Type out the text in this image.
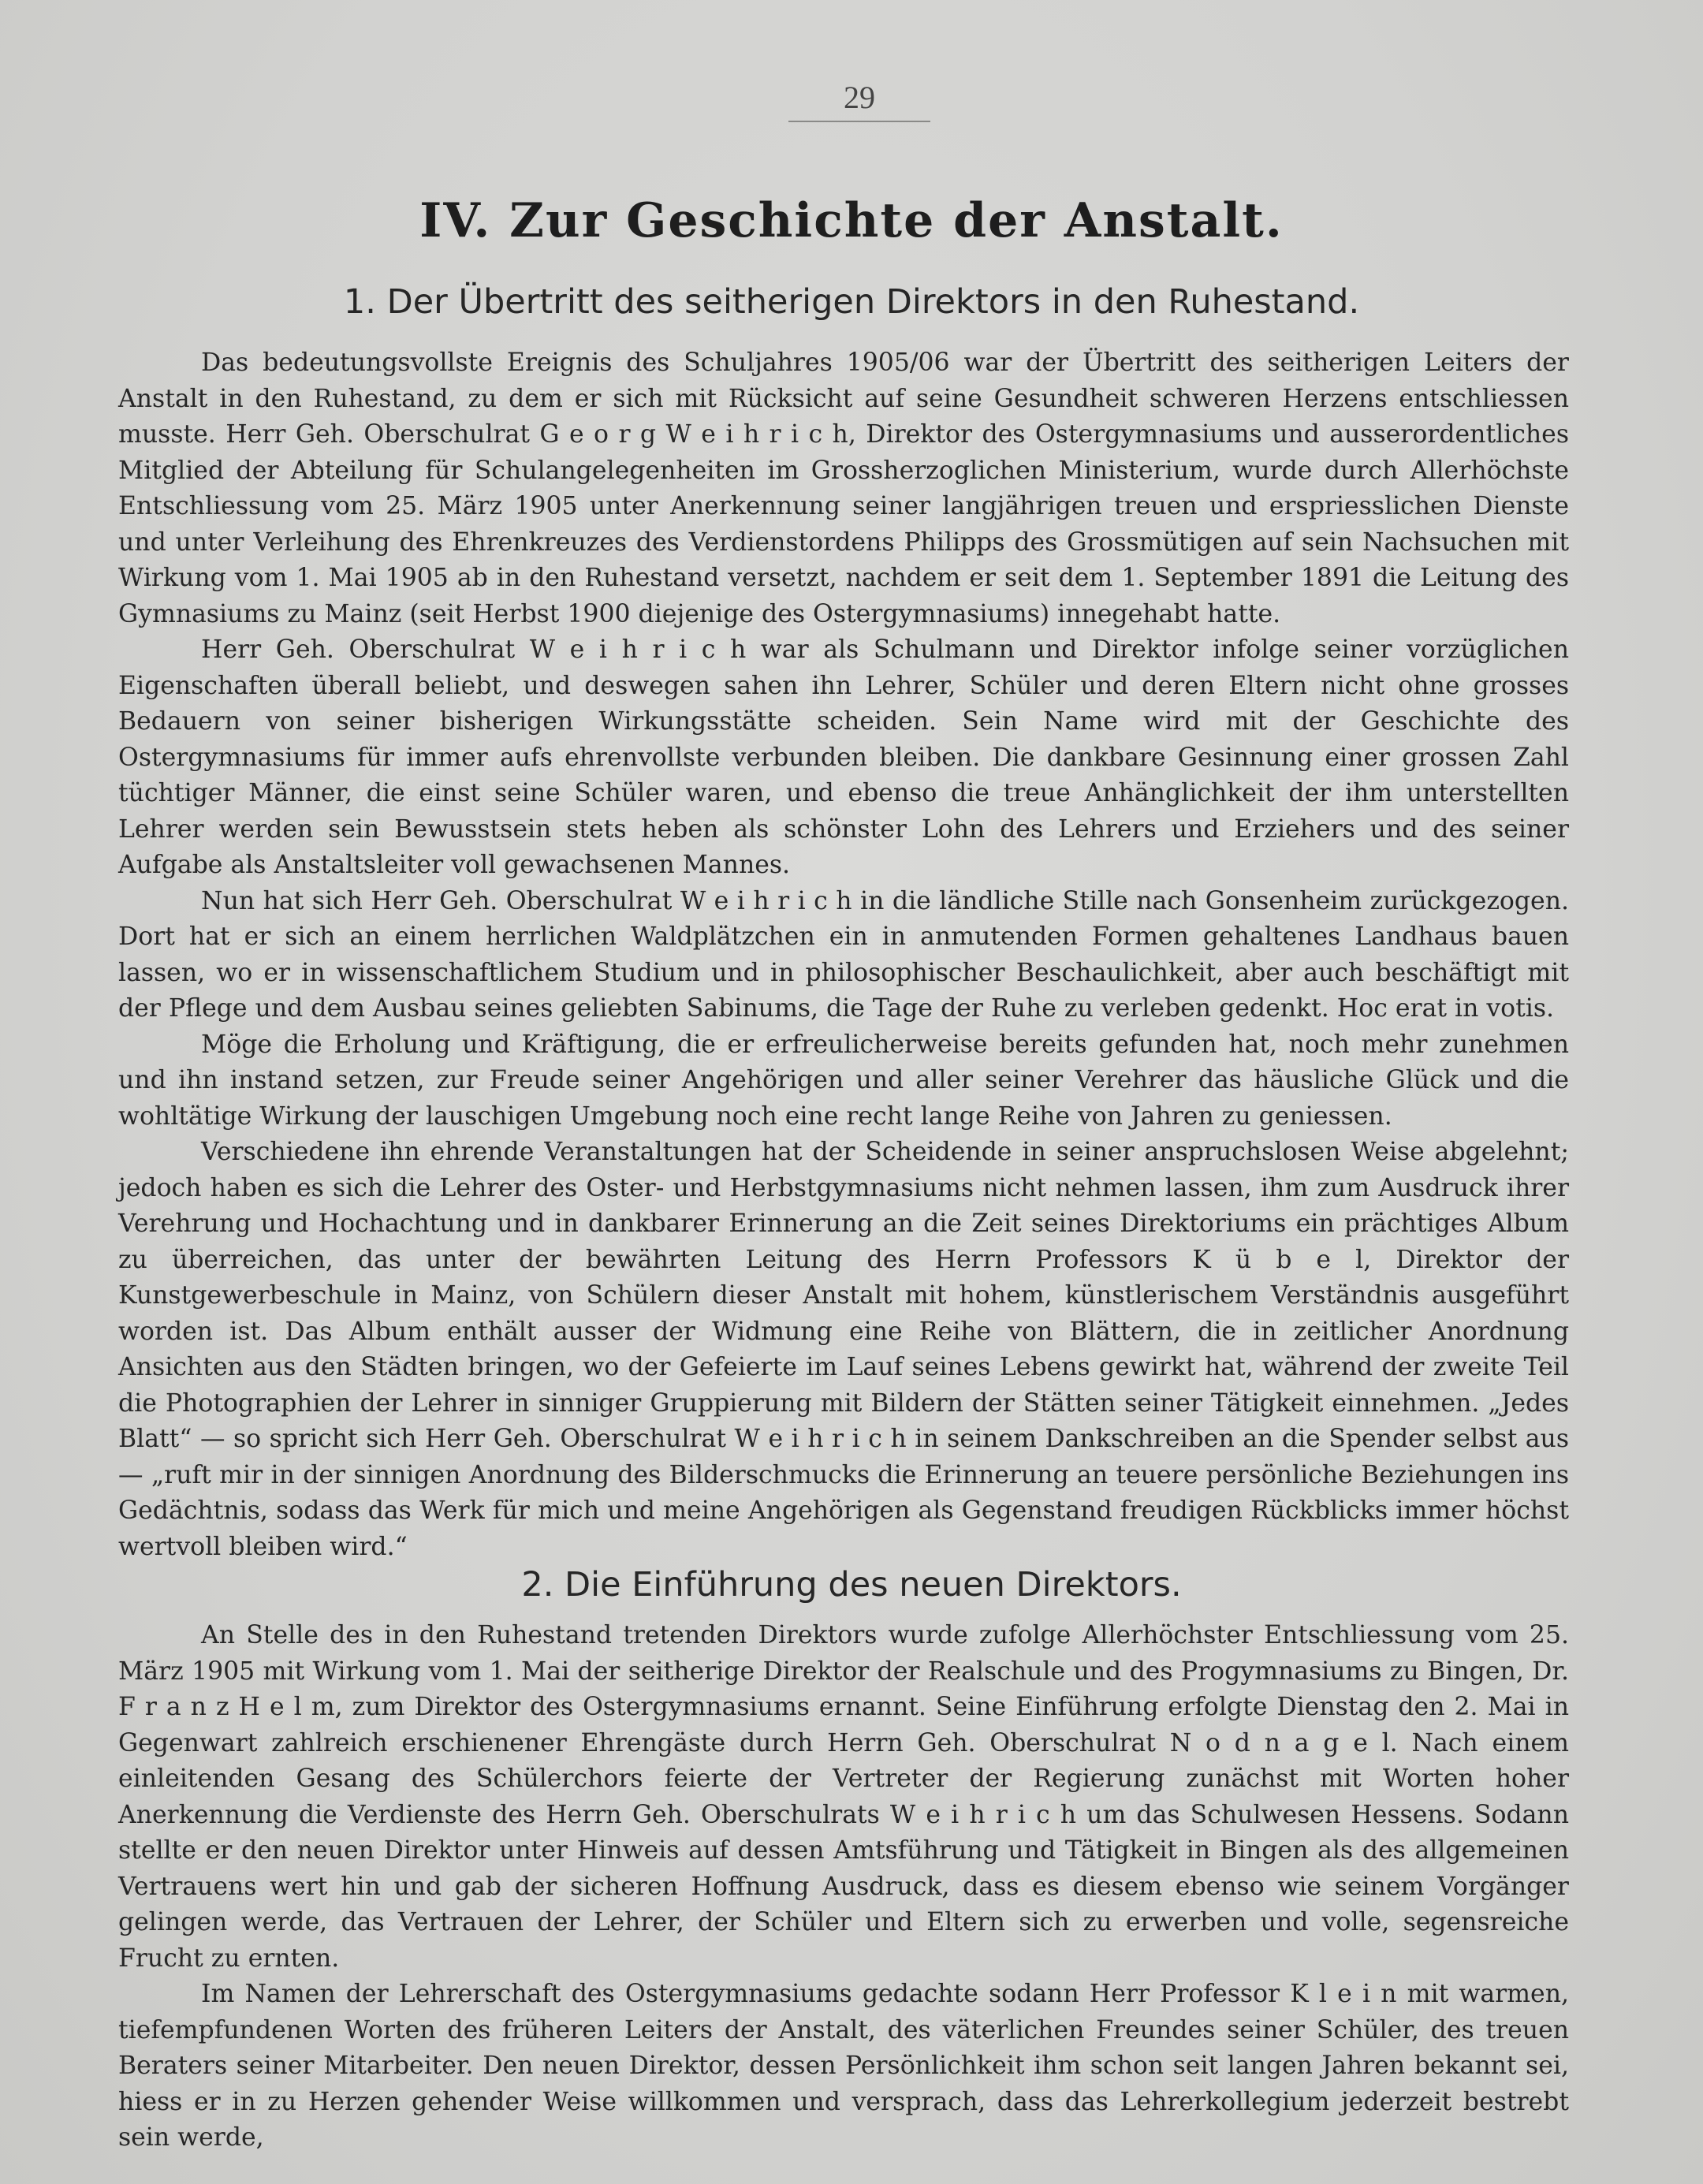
29
IV. Zur Geschichte der Anstalt.
1. Der Übertritt des seitherigen Direktors in den Ruhestand.

Das bedeutungsvollste Ereignis des Schuljahres 1905/06 war der Übertritt des seitherigen Leiters der Anstalt in den Ruhestand, zu dem er sich mit Rücksicht auf seine Gesundheit schweren Herzens entschliessen musste. Herr Geh. Oberschulrat G e o r g W e i h r i c h, Direktor des Ostergymnasiums und ausserordentliches Mitglied der Abteilung für Schulangelegenheiten im Grossherzoglichen Ministerium, wurde durch Allerhöchste Entschliessung vom 25. März 1905 unter Anerkennung seiner langjährigen treuen und erspriesslichen Dienste und unter Verleihung des Ehrenkreuzes des Verdienstordens Philipps des Grossmütigen auf sein Nachsuchen mit Wirkung vom 1. Mai 1905 ab in den Ruhestand versetzt, nachdem er seit dem 1. September 1891 die Leitung des Gymnasiums zu Mainz (seit Herbst 1900 diejenige des Ostergymnasiums) innegehabt hatte.

Herr Geh. Oberschulrat W e i h r i c h war als Schulmann und Direktor infolge seiner vorzüglichen Eigenschaften überall beliebt, und deswegen sahen ihn Lehrer, Schüler und deren Eltern nicht ohne grosses Bedauern von seiner bisherigen Wirkungsstätte scheiden. Sein Name wird mit der Geschichte des Ostergymnasiums für immer aufs ehrenvollste verbunden bleiben. Die dankbare Gesinnung einer grossen Zahl tüchtiger Männer, die einst seine Schüler waren, und ebenso die treue Anhänglichkeit der ihm unterstellten Lehrer werden sein Bewusstsein stets heben als schönster Lohn des Lehrers und Erziehers und des seiner Aufgabe als Anstaltsleiter voll gewachsenen Mannes.

Nun hat sich Herr Geh. Oberschulrat W e i h r i c h in die ländliche Stille nach Gonsenheim zurückgezogen. Dort hat er sich an einem herrlichen Waldplätzchen ein in anmutenden Formen gehaltenes Landhaus bauen lassen, wo er in wissenschaftlichem Studium und in philosophischer Beschaulichkeit, aber auch beschäftigt mit der Pflege und dem Ausbau seines geliebten Sabinums, die Tage der Ruhe zu verleben gedenkt. Hoc erat in votis.

Möge die Erholung und Kräftigung, die er erfreulicherweise bereits gefunden hat, noch mehr zunehmen und ihn instand setzen, zur Freude seiner Angehörigen und aller seiner Verehrer das häusliche Glück und die wohltätige Wirkung der lauschigen Umgebung noch eine recht lange Reihe von Jahren zu geniessen.

Verschiedene ihn ehrende Veranstaltungen hat der Scheidende in seiner anspruchslosen Weise abgelehnt; jedoch haben es sich die Lehrer des Oster- und Herbstgymnasiums nicht nehmen lassen, ihm zum Ausdruck ihrer Verehrung und Hochachtung und in dankbarer Erinnerung an die Zeit seines Direktoriums ein prächtiges Album zu überreichen, das unter der bewährten Leitung des Herrn Professors K ü b e l, Direktor der Kunstgewerbeschule in Mainz, von Schülern dieser Anstalt mit hohem, künstlerischem Verständnis ausgeführt worden ist. Das Album enthält ausser der Widmung eine Reihe von Blättern, die in zeitlicher Anordnung Ansichten aus den Städten bringen, wo der Gefeierte im Lauf seines Lebens gewirkt hat, während der zweite Teil die Photographien der Lehrer in sinniger Gruppierung mit Bildern der Stätten seiner Tätigkeit einnehmen. „Jedes Blatt“ — so spricht sich Herr Geh. Oberschulrat W e i h r i c h in seinem Dankschreiben an die Spender selbst aus — „ruft mir in der sinnigen Anordnung des Bilderschmucks die Erinnerung an teuere persönliche Beziehungen ins Gedächtnis, sodass das Werk für mich und meine Angehörigen als Gegenstand freudigen Rückblicks immer höchst wertvoll bleiben wird.“

2. Die Einführung des neuen Direktors.

An Stelle des in den Ruhestand tretenden Direktors wurde zufolge Allerhöchster Entschliessung vom 25. März 1905 mit Wirkung vom 1. Mai der seitherige Direktor der Realschule und des Progymnasiums zu Bingen, Dr. F r a n z H e l m, zum Direktor des Ostergymnasiums ernannt. Seine Einführung erfolgte Dienstag den 2. Mai in Gegenwart zahlreich erschienener Ehrengäste durch Herrn Geh. Oberschulrat N o d n a g e l. Nach einem einleitenden Gesang des Schülerchors feierte der Vertreter der Regierung zunächst mit Worten hoher Anerkennung die Verdienste des Herrn Geh. Oberschulrats W e i h r i c h um das Schulwesen Hessens. Sodann stellte er den neuen Direktor unter Hinweis auf dessen Amtsführung und Tätigkeit in Bingen als des allgemeinen Vertrauens wert hin und gab der sicheren Hoffnung Ausdruck, dass es diesem ebenso wie seinem Vorgänger gelingen werde, das Vertrauen der Lehrer, der Schüler und Eltern sich zu erwerben und volle, segensreiche Frucht zu ernten.

Im Namen der Lehrerschaft des Ostergymnasiums gedachte sodann Herr Professor K l e i n mit warmen, tiefempfundenen Worten des früheren Leiters der Anstalt, des väterlichen Freundes seiner Schüler, des treuen Beraters seiner Mitarbeiter. Den neuen Direktor, dessen Persönlichkeit ihm schon seit langen Jahren bekannt sei, hiess er in zu Herzen gehender Weise willkommen und versprach, dass das Lehrerkollegium jederzeit bestrebt sein werde,
